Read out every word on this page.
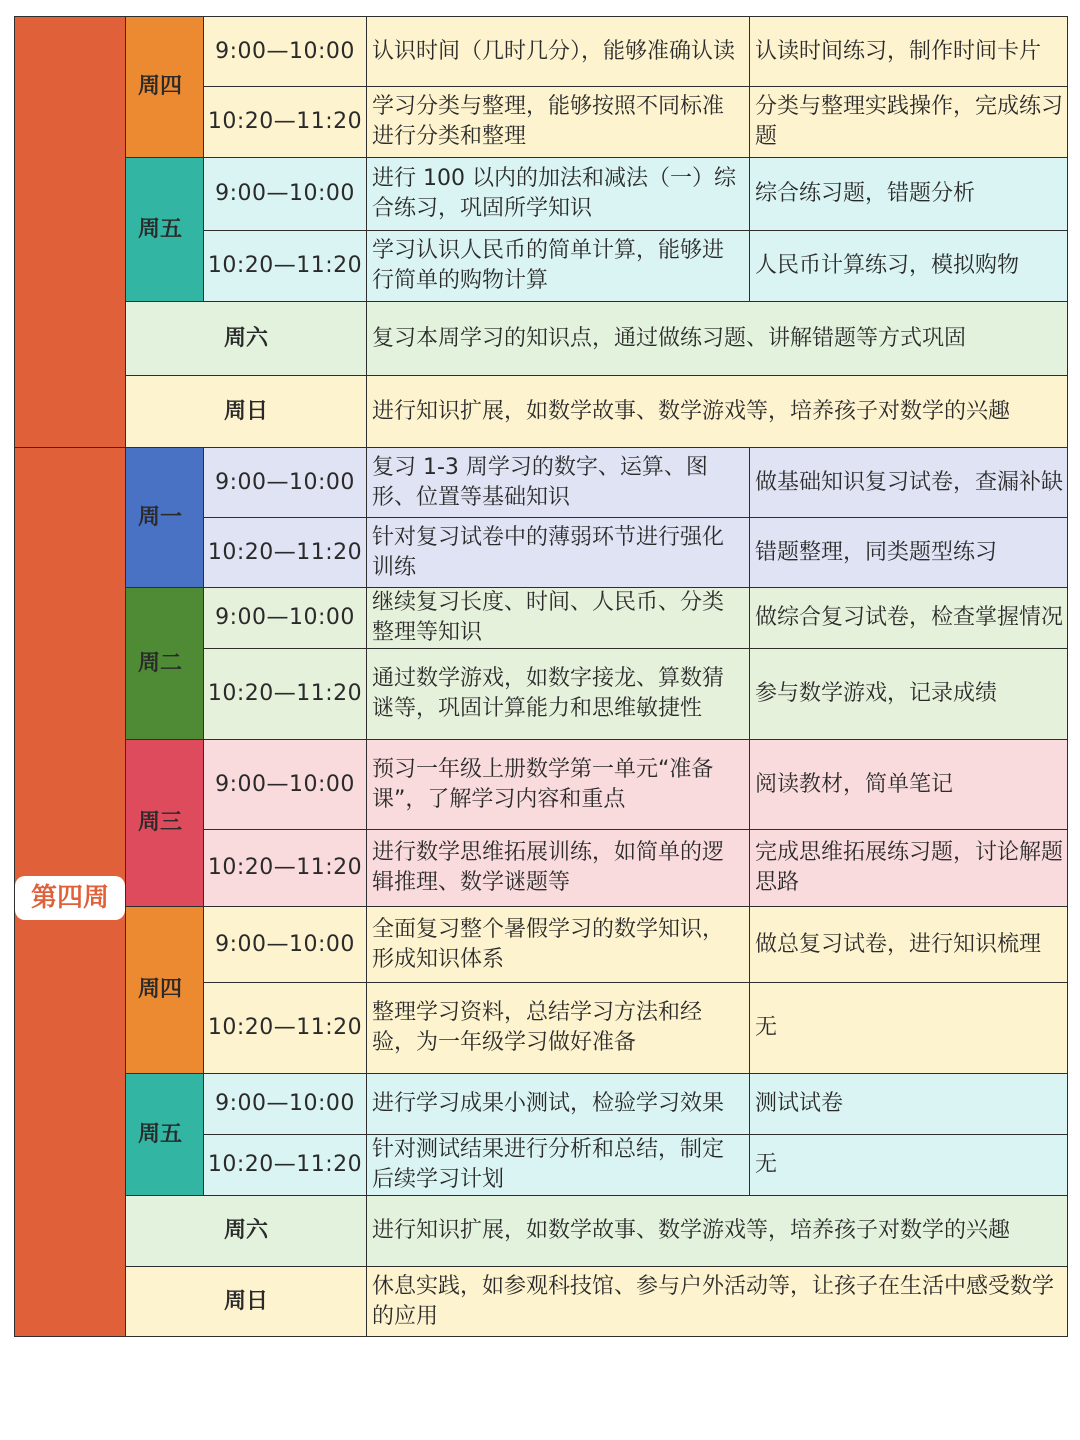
	周四	9:00—10:00	认识时间（几时几分），能够准确认读	认读时间练习，制作时间卡片
		10:20—11:20	学习分类与整理，能够按照不同标准进行分类和整理	分类与整理实践操作，完成练习题
	周五	9:00—10:00	进行 100 以内的加法和减法（一）综合练习，巩固所学知识	综合练习题，错题分析
		10:20—11:20	学习认识人民币的简单计算，能够进行简单的购物计算	人民币计算练习，模拟购物
	周六		复习本周学习的知识点，通过做练习题、讲解错题等方式巩固	
	周日		进行知识扩展，如数学故事、数学游戏等，培养孩子对数学的兴趣	

第四周	周一	9:00—10:00	复习 1-3 周学习的数字、运算、图形、位置等基础知识	做基础知识复习试卷，查漏补缺
		10:20—11:20	针对复习试卷中的薄弱环节进行强化训练	错题整理，同类题型练习
	周二	9:00—10:00	继续复习长度、时间、人民币、分类整理等知识	做综合复习试卷，检查掌握情况
		10:20—11:20	通过数学游戏，如数字接龙、算数猜谜等，巩固计算能力和思维敏捷性	参与数学游戏，记录成绩
	周三	9:00—10:00	预习一年级上册数学第一单元“准备课”，了解学习内容和重点	阅读教材，简单笔记
		10:20—11:20	进行数学思维拓展训练，如简单的逻辑推理、数学谜题等	完成思维拓展练习题，讨论解题思路
	周四	9:00—10:00	全面复习整个暑假学习的数学知识，形成知识体系	做总复习试卷，进行知识梳理
		10:20—11:20	整理学习资料，总结学习方法和经验，为一年级学习做好准备	无
	周五	9:00—10:00	进行学习成果小测试，检验学习效果	测试试卷
		10:20—11:20	针对测试结果进行分析和总结，制定后续学习计划	无
	周六		进行知识扩展，如数学故事、数学游戏等，培养孩子对数学的兴趣	
	周日		休息实践，如参观科技馆、参与户外活动等，让孩子在生活中感受数学的应用	
